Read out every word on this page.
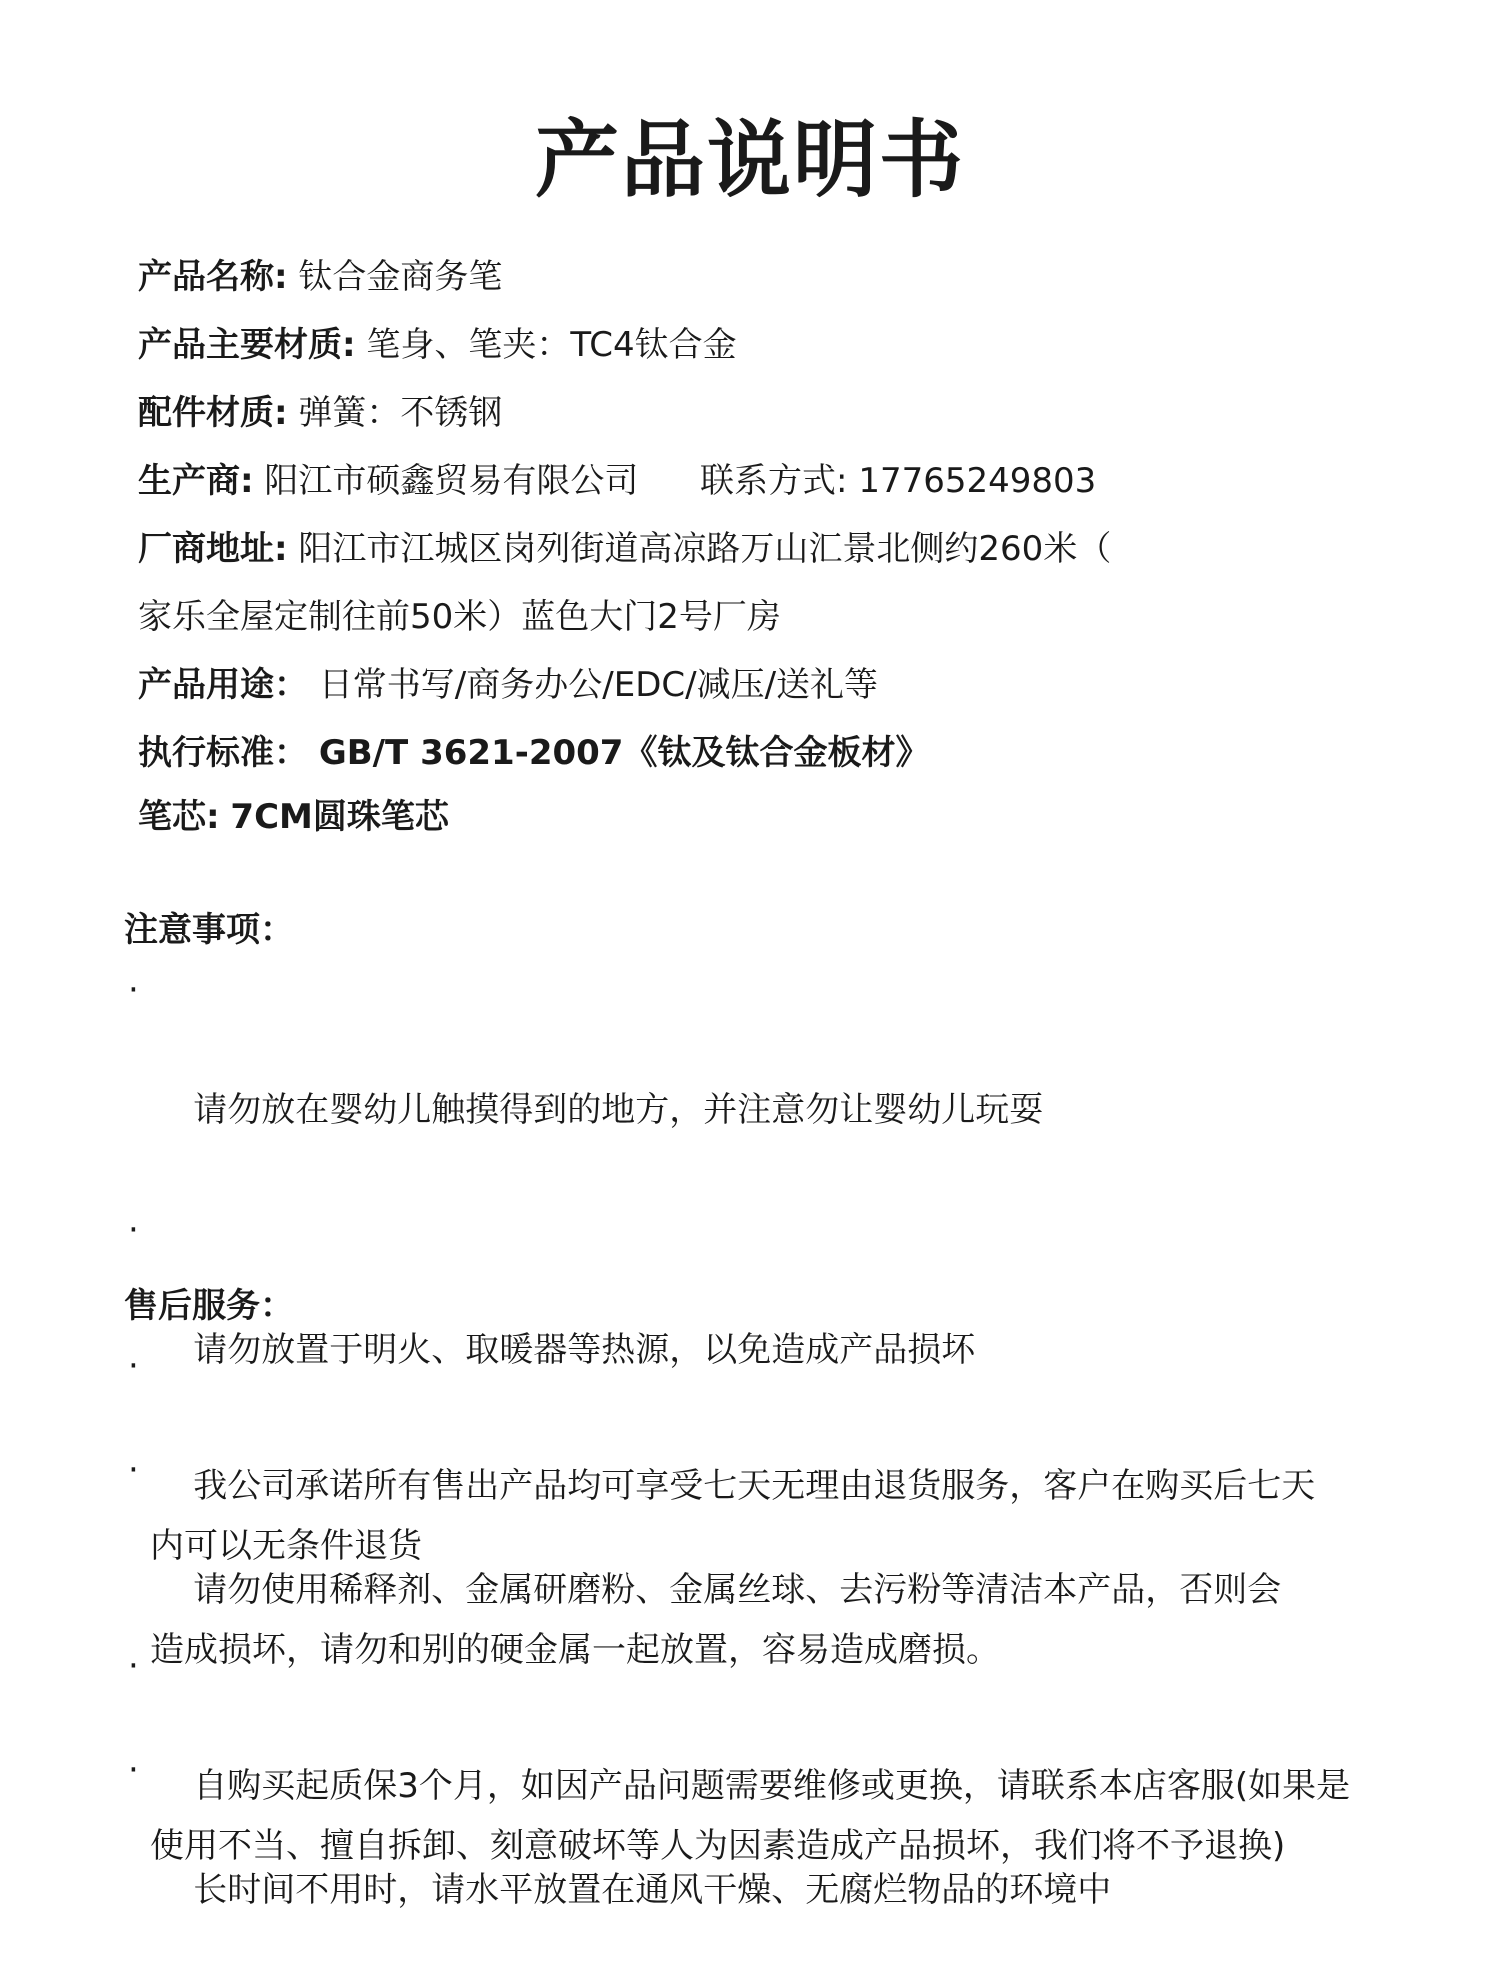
产品说明书
产品名称: 钛合金商务笔
产品主要材质: 笔身、笔夹：TC4钛合金
配件材质: 弹簧：不锈钢
生产商: 阳江市硕鑫贸易有限公司 联系方式: 17765249803
厂商地址: 阳江市江城区岗列街道高凉路万山汇景北侧约260米（
家乐全屋定制往前50米）蓝色大门2号厂房
产品用途： 日常书写/商务办公/EDC/减压/送礼等
执行标准： GB/T 3621-2007《钛及钛合金板材》
笔芯: 7CM圆珠笔芯
注意事项：

·

请勿放在婴幼儿触摸得到的地方，并注意勿让婴幼儿玩耍

·

请勿放置于明火、取暖器等热源，以免造成产品损坏

·

请勿使用稀释剂、金属研磨粉、金属丝球、去污粉等清洁本产品，否则会
造成损坏，请勿和别的硬金属一起放置，容易造成磨损。

·

长时间不用时，请水平放置在通风干燥、无腐烂物品的环境中

售后服务：

·

我公司承诺所有售出产品均可享受七天无理由退货服务，客户在购买后七天
内可以无条件退货

·

自购买起质保3个月，如因产品问题需要维修或更换，请联系本店客服(如果是
使用不当、擅自拆卸、刻意破坏等人为因素造成产品损坏，我们将不予退换)
